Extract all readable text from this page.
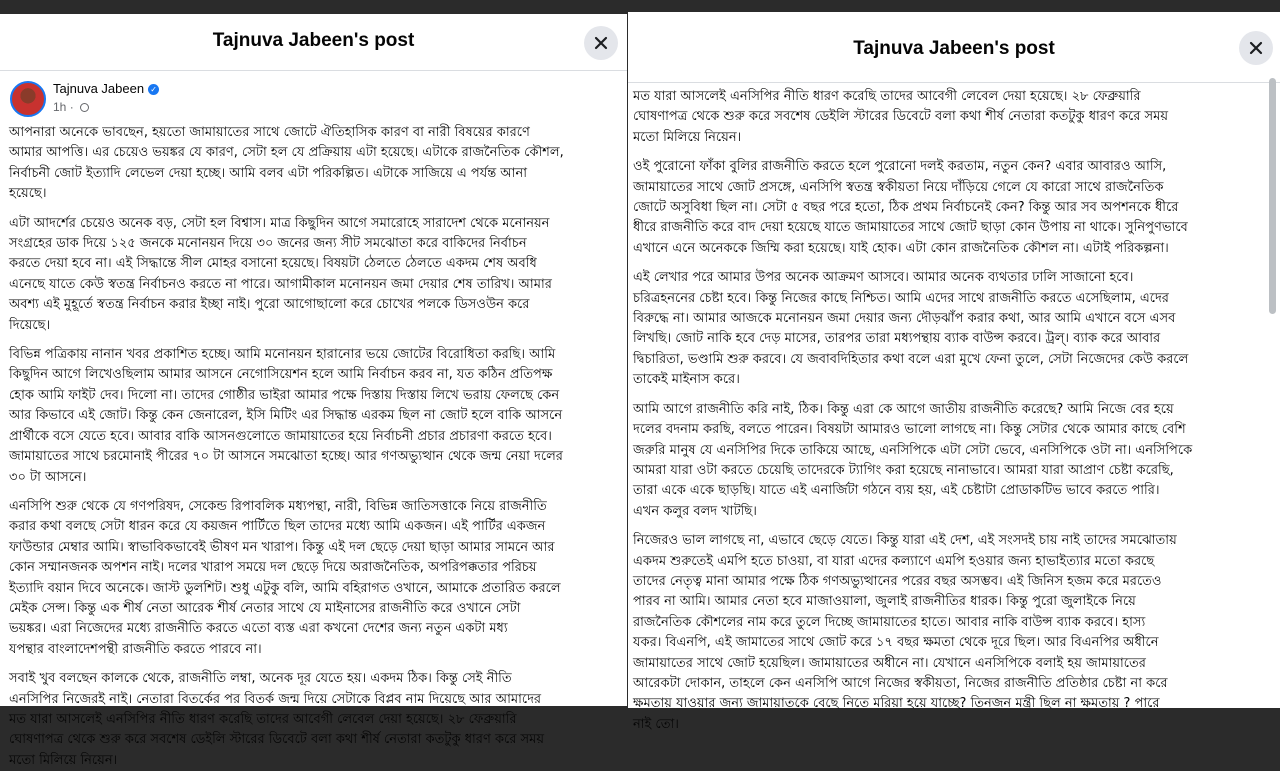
Tajnuva Jabeen's post
Tajnuva Jabeen ✓
1h ·

আপনারা অনেকে ভাবছেন, হয়তো জামায়াতের সাথে জোটে ঐতিহাসিক কারণ বা নারী বিষয়ের কারণে
আমার আপত্তি। এর চেয়েও ভয়ঙ্কর যে কারণ, সেটা হল যে প্রক্রিয়ায় এটা হয়েছে। এটাকে রাজনৈতিক কৌশল,
নির্বাচনী জোট ইত্যাদি লেভেল দেয়া হচ্ছে। আমি বলব এটা পরিকল্পিত। এটাকে সাজিয়ে এ পর্যন্ত আনা
হয়েছে।

এটা আদর্শের চেয়েও অনেক বড়, সেটা হল বিশ্বাস। মাত্র কিছুদিন আগে সমারোহে সারাদেশ থেকে মনোনয়ন
সংগ্রহের ডাক দিয়ে ১২৫ জনকে মনোনয়ন দিয়ে ৩০ জনের জন্য সীট সমঝোতা করে বাকিদের নির্বাচন
করতে দেয়া হবে না। এই সিদ্ধান্তে সীল মোহর বসানো হয়েছে। বিষয়টা ঠেলতে ঠেলতে একদম শেষ অবধি
এনেছে যাতে কেউ স্বতন্ত্র নির্বাচনও করতে না পারে। আগামীকাল মনোনয়ন জমা দেয়ার শেষ তারিখ। আমার
অবশ্য এই মুহূর্তে স্বতন্ত্র নির্বাচন করার ইচ্ছা নাই। পুরো আগোছালো করে চোখের পলকে ডিসওউন করে
দিয়েছে।

বিভিন্ন পত্রিকায় নানান খবর প্রকাশিত হচ্ছে। আমি মনোনয়ন হারানোর ভয়ে জোটের বিরোধিতা করছি। আমি
কিছুদিন আগে লিখেওছিলাম আমার আসনে নেগোসিয়েশন হলে আমি নির্বাচন করব না, যত কঠিন প্রতিপক্ষ
হোক আমি ফাইট দেব। দিলো না। তাদের গোষ্ঠীর ভাইরা আমার পক্ষে দিস্তায় দিস্তায় লিখে ভরায় ফেলছে কেন
আর কিভাবে এই জোট। কিন্তু কেন জেনারেল, ইসি মিটিং এর সিদ্ধান্ত এরকম ছিল না জোট হলে বাকি আসনে
প্রার্থীকে বসে যেতে হবে। আবার বাকি আসনগুলোতে জামায়াতের হয়ে নির্বাচনী প্রচার প্রচারণা করতে হবে।
জামায়াতের সাথে চরমোনাই পীরের ৭০ টা আসনে সমঝোতা হচ্ছে। আর গণঅভ্যুত্থান থেকে জন্ম নেয়া দলের
৩০ টা আসনে।

এনসিপি শুরু থেকে যে গণপরিষদ, সেকেন্ড রিপাবলিক মধ্যপন্থা, নারী, বিভিন্ন জাতিসত্তাকে নিয়ে রাজনীতি
করার কথা বলছে সেটা ধারন করে যে কয়জন পার্টিতে ছিল তাদের মধ্যে আমি একজন। এই পার্টির একজন
ফাউন্ডার মেম্বার আমি। স্বাভাবিকভাবেই ভীষণ মন খারাপ। কিন্তু এই দল ছেড়ে দেয়া ছাড়া আমার সামনে আর
কোন সম্মানজনক অপশন নাই। দলের খারাপ সময়ে দল ছেড়ে দিয়ে অরাজনৈতিক, অপরিপক্কতার পরিচয়
ইত্যাদি বয়ান দিবে অনেকে। জাস্ট ডুলশিট। শুধু এটুকু বলি, আমি বহিরাগত ওখানে, আমাকে প্রতারিত করলে
মেইক সেন্স। কিন্তু এক শীর্ষ নেতা আরেক শীর্ষ নেতার সাথে যে মাইনাসের রাজনীতি করে ওখানে সেটা
ভয়ঙ্কর। এরা নিজেদের মধ্যে রাজনীতি করতে এতো ব্যস্ত এরা কখনো দেশের জন্য নতুন একটা মধ্য
যপন্থার বাংলাদেশপন্থী রাজনীতি করতে পারবে না।

সবাই খুব বলছেন কালকে থেকে, রাজনীতি লম্বা, অনেক দূর যেতে হয়। একদম ঠিক। কিন্তু সেই নীতি
এনসিপির নিজেরই নাই। নেতারা বিতর্কের পর বিতর্ক জন্ম দিয়ে সেটাকে বিপ্লব নাম দিয়েছে আর আমাদের
মত যারা আসলেই এনসিপির নীতি ধারণ করেছি তাদের আবেগী লেবেল দেয়া হয়েছে। ২৮ ফেব্রুয়ারি
ঘোষণাপত্র থেকে শুরু করে সবশেষ ডেইলি স্টারের ডিবেটে বলা কথা শীর্ষ নেতারা কতটুকু ধারণ করে সময়
মতো মিলিয়ে নিয়েন।

Tajnuva Jabeen's post

মত যারা আসলেই এনসিপির নীতি ধারণ করেছি তাদের আবেগী লেবেল দেয়া হয়েছে। ২৮ ফেব্রুয়ারি
ঘোষণাপত্র থেকে শুরু করে সবশেষ ডেইলি স্টারের ডিবেটে বলা কথা শীর্ষ নেতারা কতটুকু ধারণ করে সময়
মতো মিলিয়ে নিয়েন।

ওই পুরোনো ফাঁকা বুলির রাজনীতি করতে হলে পুরোনো দলই করতাম, নতুন কেন? এবার আবারও আসি,
জামায়াতের সাথে জোট প্রসঙ্গে, এনসিপি স্বতন্ত্র স্বকীয়তা নিয়ে দাঁড়িয়ে গেলে যে কারো সাথে রাজনৈতিক
জোটে অসুবিধা ছিল না। সেটা ৫ বছর পরে হতো, ঠিক প্রথম নির্বাচনেই কেন? কিন্তু আর সব অপশনকে ধীরে
ধীরে রাজনীতি করে বাদ দেয়া হয়েছে যাতে জামায়াতের সাথে জোট ছাড়া কোন উপায় না থাকে। সুনিপুণভাবে
এখানে এনে অনেককে জিম্মি করা হয়েছে। যাই হোক। এটা কোন রাজনৈতিক কৌশল না। এটাই পরিকল্পনা।

এই লেখার পরে আমার উপর অনেক আক্রমণ আসবে। আমার অনেক ব্যথতার ঢালি সাজানো হবে।
চরিত্রহননের চেষ্টা হবে। কিন্তু নিজের কাছে নিশ্চিত। আমি এদের সাথে রাজনীতি করতে এসেছিলাম, এদের
বিরুদ্ধে না। আমার আজকে মনোনয়ন জমা দেয়ার জন্য দৌড়ঝাঁপ করার কথা, আর আমি এখানে বসে এসব
লিখছি। জোট নাকি হবে দেড় মাসের, তারপর তারা মধ্যপন্থায় ব্যাক বাউন্স করবে। ট্রল্। ব্যাক করে আবার
দ্বিচারিতা, ভণ্ডামি শুরু করবে। যে জবাবদিহিতার কথা বলে এরা মুখে ফেনা তুলে, সেটা নিজেদের কেউ করলে
তাকেই মাইনাস করে।

আমি আগে রাজনীতি করি নাই, ঠিক। কিন্তু এরা কে আগে জাতীয় রাজনীতি করেছে? আমি নিজে বের হয়ে
দলের বদনাম করছি, বলতে পারেন। বিষয়টা আমারও ভালো লাগছে না। কিন্তু সেটার থেকে আমার কাছে বেশি
জরুরি মানুষ যে এনসিপির দিকে তাকিয়ে আছে, এনসিপিকে এটা সেটা ভেবে, এনসিপিকে ওটা না। এনসিপিকে
আমরা যারা ওটা করতে চেয়েছি তাদেরকে ট্যাগিং করা হয়েছে নানাভাবে। আমরা যারা আপ্রাণ চেষ্টা করেছি,
তারা একে একে ছাড়ছি। যাতে এই এনার্জিটা গঠনে ব্যয় হয়, এই চেষ্টাটা প্রোডাকটিভ ভাবে করতে পারি।
এখন কলুর বলদ খাটছি।

নিজেরও ভাল লাগছে না, এভাবে ছেড়ে যেতে। কিন্তু যারা এই দেশ, এই সংসদই চায় নাই তাদের সমঝোতায়
একদম শুরুতেই এমপি হতে চাওয়া, বা যারা এদের কল্যাণে এমপি হওয়ার জন্য হাভাইত্যার মতো করছে
তাদের নেতৃত্ব মানা আমার পক্ষে ঠিক গণঅভ্যুত্থানের পরের বছর অসম্ভব। এই জিনিস হজম করে মরতেও
পারব না আমি। আমার নেতা হবে মাজাওয়ালা, জুলাই রাজনীতির ধারক। কিন্তু পুরো জুলাইকে নিয়ে
রাজনৈতিক কৌশলের নাম করে তুলে দিচ্ছে জামায়াতের হাতে। আবার নাকি বাউন্স ব্যাক করবে। হাস্য
যকর। বিএনপি, এই জামাতের সাথে জোট করে ১৭ বছর ক্ষমতা থেকে দূরে ছিল। আর বিএনপির অধীনে
জামায়াতের সাথে জোট হয়েছিল। জামায়াতের অধীনে না। যেখানে এনসিপিকে বলাই হয় জামায়াতের
আরেকটা দোকান, তাহলে কেন এনসিপি আগে নিজের স্বকীয়তা, নিজের রাজনীতি প্রতিষ্ঠার চেষ্টা না করে
ক্ষমতায় যাওয়ার জন্য জামায়াতকে বেছে নিতে মরিয়া হয়ে যাচ্ছে? তিনজন মন্ত্রী ছিল না ক্ষমতায় ? পারে
নাই তো।
